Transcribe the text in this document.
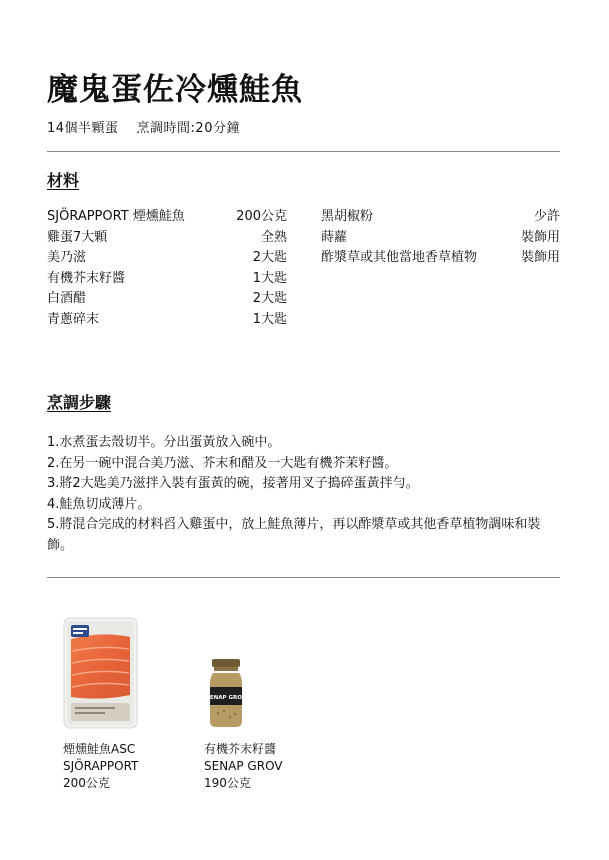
魔鬼蛋佐冷燻鮭魚
14個半顆蛋 烹調時間:20分鐘
材料
SJÖRAPPORT 煙燻鮭魚	200公克
雞蛋7大顆	全熟
美乃滋	2大匙
有機芥末籽醬	1大匙
白酒醋	2大匙
青蔥碎末	1大匙
黑胡椒粉	少許
蒔蘿	裝飾用
酢漿草或其他當地香草植物	裝飾用
烹調步驟

1.水煮蛋去殼切半。分出蛋黃放入碗中。

2.在另一碗中混合美乃滋、芥末和醋及一大匙有機芥茉籽醬。

3.將2大匙美乃滋拌入裝有蛋黃的碗，接著用叉子搗碎蛋黃拌勻。

4.鮭魚切成薄片。

5.將混合完成的材料舀入雞蛋中，放上鮭魚薄片，再以酢漿草或其他香草植物調味和裝飾。

煙燻鮭魚ASC
SJÖRAPPORT
200公克
SENAP GROV
有機芥末籽醬
SENAP GROV
190公克
